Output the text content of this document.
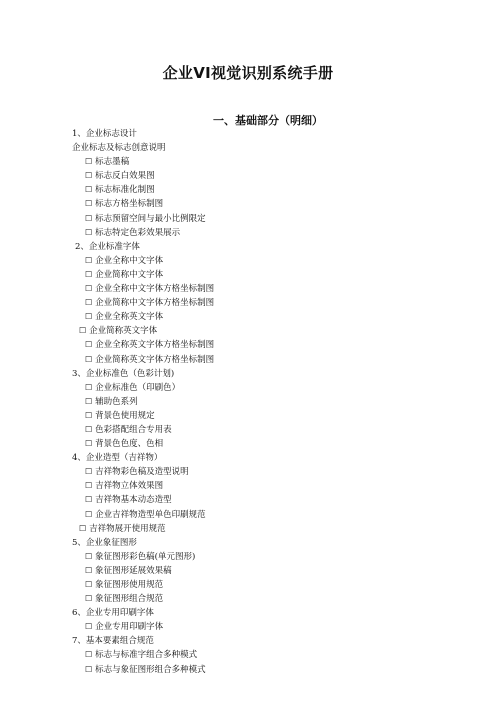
企业VI视觉识别系统手册
一、基础部分（明细）
1、企业标志设计
企业标志及标志创意说明
☐ 标志墨稿
☐ 标志反白效果图
☐ 标志标准化制图
☐ 标志方格坐标制图
☐ 标志预留空间与最小比例限定
☐ 标志特定色彩效果展示
2、企业标准字体
☐ 企业全称中文字体
☐ 企业简称中文字体
☐ 企业全称中文字体方格坐标制图
☐ 企业简称中文字体方格坐标制图
☐ 企业全称英文字体
☐ 企业简称英文字体
☐ 企业全称英文字体方格坐标制图
☐ 企业简称英文字体方格坐标制图
3、企业标准色（色彩计划)
☐ 企业标准色（印刷色）
☐ 辅助色系列
☐ 背景色使用规定
☐ 色彩搭配组合专用表
☐ 背景色色度、色相
4、企业造型（吉祥物）
☐ 吉祥物彩色稿及造型说明
☐ 吉祥物立体效果图
☐ 吉祥物基本动态造型
☐ 企业吉祥物造型单色印刷规范
☐ 吉祥物展开使用规范
5、企业象征图形
☐ 象征图形彩色稿(单元图形)
☐ 象征图形延展效果稿
☐ 象征图形使用规范
☐ 象征图形组合规范
6、企业专用印刷字体
☐ 企业专用印刷字体
7、基本要素组合规范
☐ 标志与标准字组合多种模式
☐ 标志与象征图形组合多种模式
